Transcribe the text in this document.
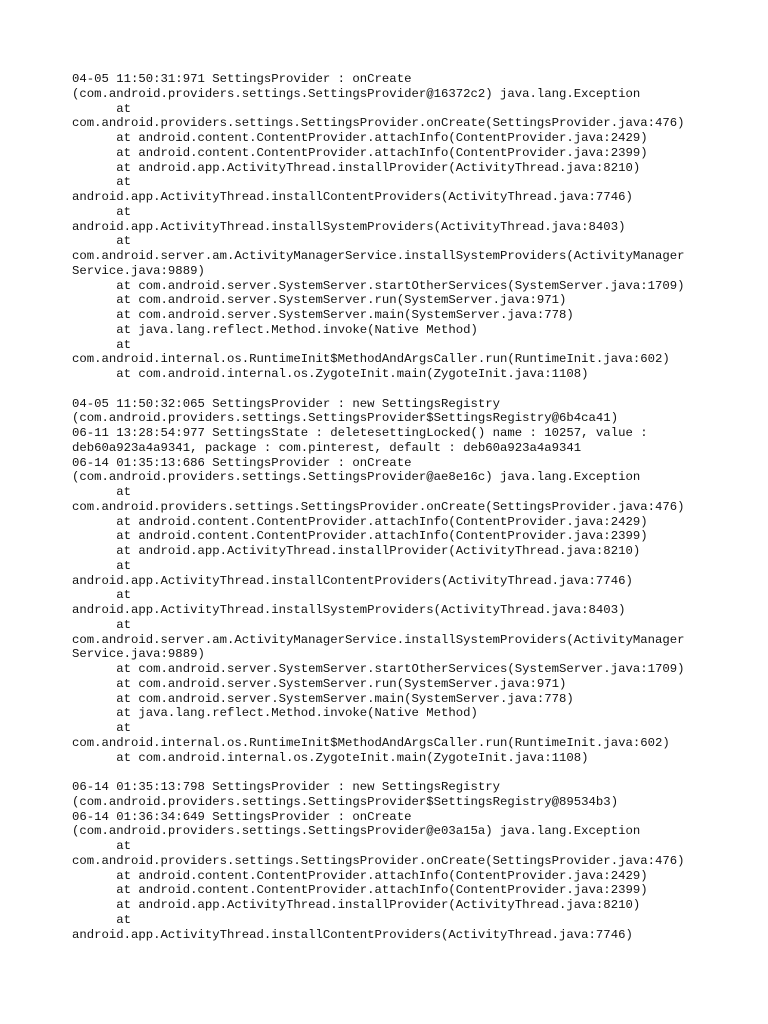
04-05 11:50:31:971 SettingsProvider : onCreate
(com.android.providers.settings.SettingsProvider@16372c2) java.lang.Exception
at
com.android.providers.settings.SettingsProvider.onCreate(SettingsProvider.java:476)
at android.content.ContentProvider.attachInfo(ContentProvider.java:2429)
at android.content.ContentProvider.attachInfo(ContentProvider.java:2399)
at android.app.ActivityThread.installProvider(ActivityThread.java:8210)
at
android.app.ActivityThread.installContentProviders(ActivityThread.java:7746)
at
android.app.ActivityThread.installSystemProviders(ActivityThread.java:8403)
at
com.android.server.am.ActivityManagerService.installSystemProviders(ActivityManager
Service.java:9889)
at com.android.server.SystemServer.startOtherServices(SystemServer.java:1709)
at com.android.server.SystemServer.run(SystemServer.java:971)
at com.android.server.SystemServer.main(SystemServer.java:778)
at java.lang.reflect.Method.invoke(Native Method)
at
com.android.internal.os.RuntimeInit$MethodAndArgsCaller.run(RuntimeInit.java:602)
at com.android.internal.os.ZygoteInit.main(ZygoteInit.java:1108)

04-05 11:50:32:065 SettingsProvider : new SettingsRegistry
(com.android.providers.settings.SettingsProvider$SettingsRegistry@6b4ca41)
06-11 13:28:54:977 SettingsState : deletesettingLocked() name : 10257, value :
deb60a923a4a9341, package : com.pinterest, default : deb60a923a4a9341
06-14 01:35:13:686 SettingsProvider : onCreate
(com.android.providers.settings.SettingsProvider@ae8e16c) java.lang.Exception
at
com.android.providers.settings.SettingsProvider.onCreate(SettingsProvider.java:476)
at android.content.ContentProvider.attachInfo(ContentProvider.java:2429)
at android.content.ContentProvider.attachInfo(ContentProvider.java:2399)
at android.app.ActivityThread.installProvider(ActivityThread.java:8210)
at
android.app.ActivityThread.installContentProviders(ActivityThread.java:7746)
at
android.app.ActivityThread.installSystemProviders(ActivityThread.java:8403)
at
com.android.server.am.ActivityManagerService.installSystemProviders(ActivityManager
Service.java:9889)
at com.android.server.SystemServer.startOtherServices(SystemServer.java:1709)
at com.android.server.SystemServer.run(SystemServer.java:971)
at com.android.server.SystemServer.main(SystemServer.java:778)
at java.lang.reflect.Method.invoke(Native Method)
at
com.android.internal.os.RuntimeInit$MethodAndArgsCaller.run(RuntimeInit.java:602)
at com.android.internal.os.ZygoteInit.main(ZygoteInit.java:1108)

06-14 01:35:13:798 SettingsProvider : new SettingsRegistry
(com.android.providers.settings.SettingsProvider$SettingsRegistry@89534b3)
06-14 01:36:34:649 SettingsProvider : onCreate
(com.android.providers.settings.SettingsProvider@e03a15a) java.lang.Exception
at
com.android.providers.settings.SettingsProvider.onCreate(SettingsProvider.java:476)
at android.content.ContentProvider.attachInfo(ContentProvider.java:2429)
at android.content.ContentProvider.attachInfo(ContentProvider.java:2399)
at android.app.ActivityThread.installProvider(ActivityThread.java:8210)
at
android.app.ActivityThread.installContentProviders(ActivityThread.java:7746)
